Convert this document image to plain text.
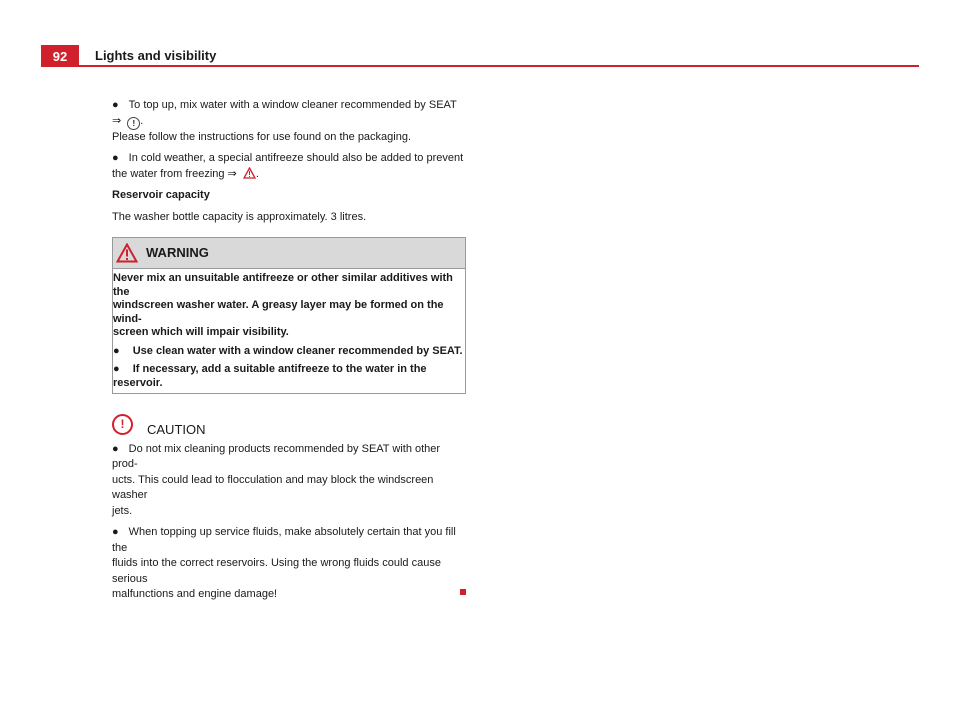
92	Lights and visibility

● To top up, mix water with a window cleaner recommended by SEAT ⇒ ! .
Please follow the instructions for use found on the packaging.

● In cold weather, a special antifreeze should also be added to prevent
the water from freezing ⇒ .

Reservoir capacity

The washer bottle capacity is approximately. 3 litres.

WARNING

Never mix an unsuitable antifreeze or other similar additives with the
windscreen washer water. A greasy layer may be formed on the wind-
screen which will impair visibility.

● Use clean water with a window cleaner recommended by SEAT.

● If necessary, add a suitable antifreeze to the water in the reservoir.

!	CAUTION

● Do not mix cleaning products recommended by SEAT with other prod-
ucts. This could lead to flocculation and may block the windscreen washer
jets.

● When topping up service fluids, make absolutely certain that you fill the
fluids into the correct reservoirs. Using the wrong fluids could cause serious
malfunctions and engine damage!
